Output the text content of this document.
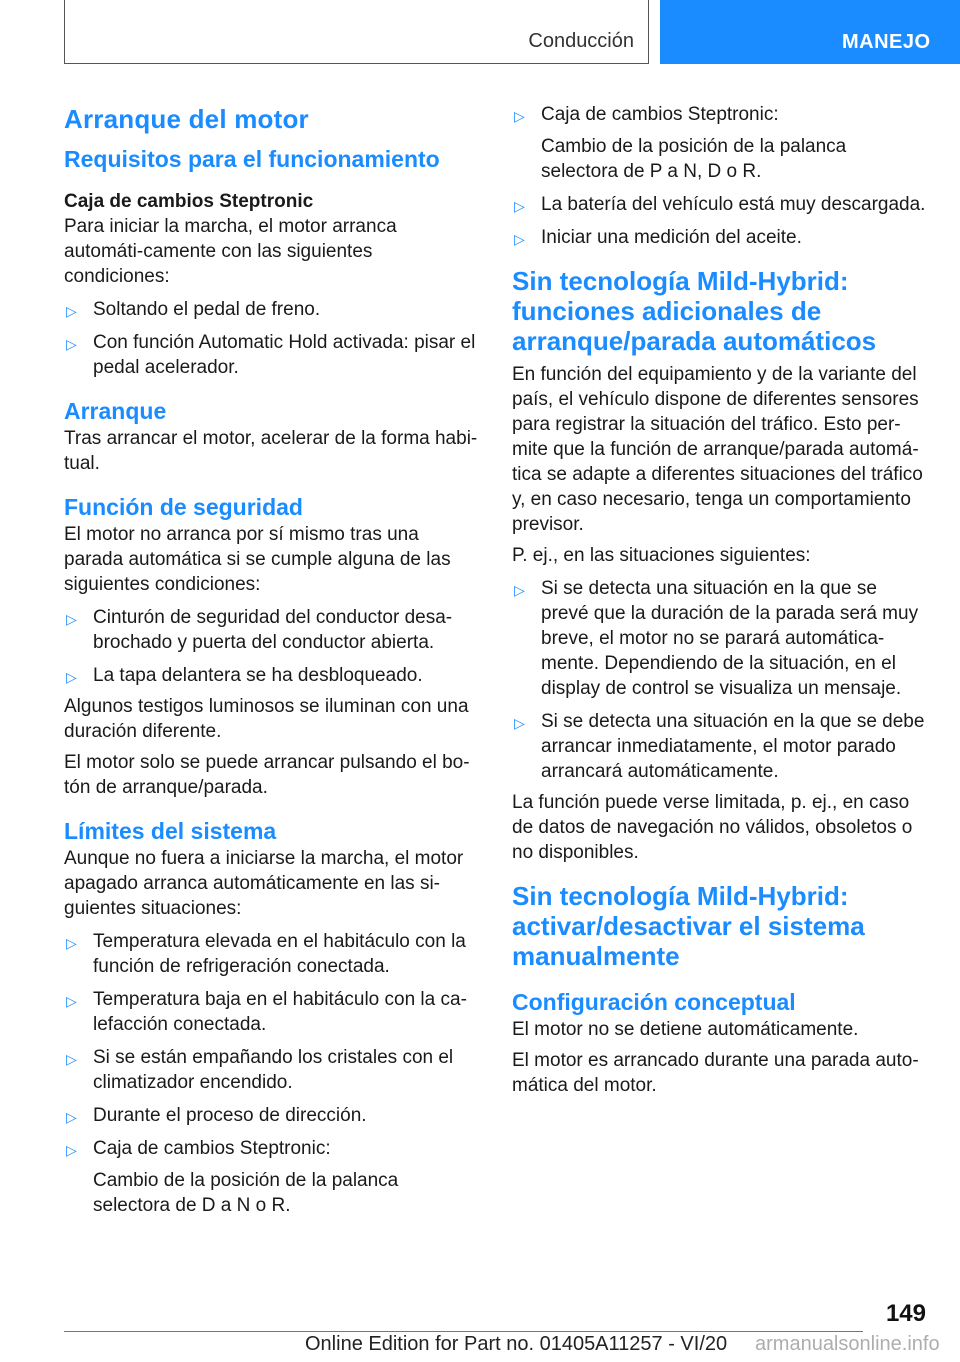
Conducción	MANEJO
Arranque del motor
Requisitos para el funcionamiento
Caja de cambios Steptronic
Para iniciar la marcha, el motor arranca automáti‐camente con las siguientes condiciones:
▷ Soltando el pedal de freno.
▷ Con función Automatic Hold activada: pisar el pedal acelerador.
Arranque
Tras arrancar el motor, acelerar de la forma habi‐tual.
Función de seguridad
El motor no arranca por sí mismo tras una parada automática si se cumple alguna de las siguientes condiciones:
▷ Cinturón de seguridad del conductor desa‐brochado y puerta del conductor abierta.
▷ La tapa delantera se ha desbloqueado.
Algunos testigos luminosos se iluminan con una duración diferente.
El motor solo se puede arrancar pulsando el bo‐tón de arranque/parada.
Límites del sistema
Aunque no fuera a iniciarse la marcha, el motor apagado arranca automáticamente en las si‐guientes situaciones:
▷ Temperatura elevada en el habitáculo con la función de refrigeración conectada.
▷ Temperatura baja en el habitáculo con la ca‐lefacción conectada.
▷ Si se están empañando los cristales con el climatizador encendido.
▷ Durante el proceso de dirección.
▷ Caja de cambios Steptronic:
Cambio de la posición de la palanca selectora de D a N o R.
▷ Caja de cambios Steptronic:
Cambio de la posición de la palanca selectora de P a N, D o R.
▷ La batería del vehículo está muy descargada.
▷ Iniciar una medición del aceite.
Sin tecnología Mild-Hybrid: funciones adicionales de arranque/parada automáticos
En función del equipamiento y de la variante del país, el vehículo dispone de diferentes sensores para registrar la situación del tráfico. Esto per‐mite que la función de arranque/parada automá‐tica se adapte a diferentes situaciones del tráfico y, en caso necesario, tenga un comportamiento previsor.
P. ej., en las situaciones siguientes:
▷ Si se detecta una situación en la que se prevé que la duración de la parada será muy breve, el motor no se parará automática‐mente. Dependiendo de la situación, en el display de control se visualiza un mensaje.
▷ Si se detecta una situación en la que se debe arrancar inmediatamente, el motor parado arrancará automáticamente.
La función puede verse limitada, p. ej., en caso de datos de navegación no válidos, obsoletos o no disponibles.
Sin tecnología Mild-Hybrid: activar/desactivar el sistema manualmente
Configuración conceptual
El motor no se detiene automáticamente.
El motor es arrancado durante una parada auto‐mática del motor.
149
Online Edition for Part no. 01405A11257 - VI/20 armanualsonline.info
